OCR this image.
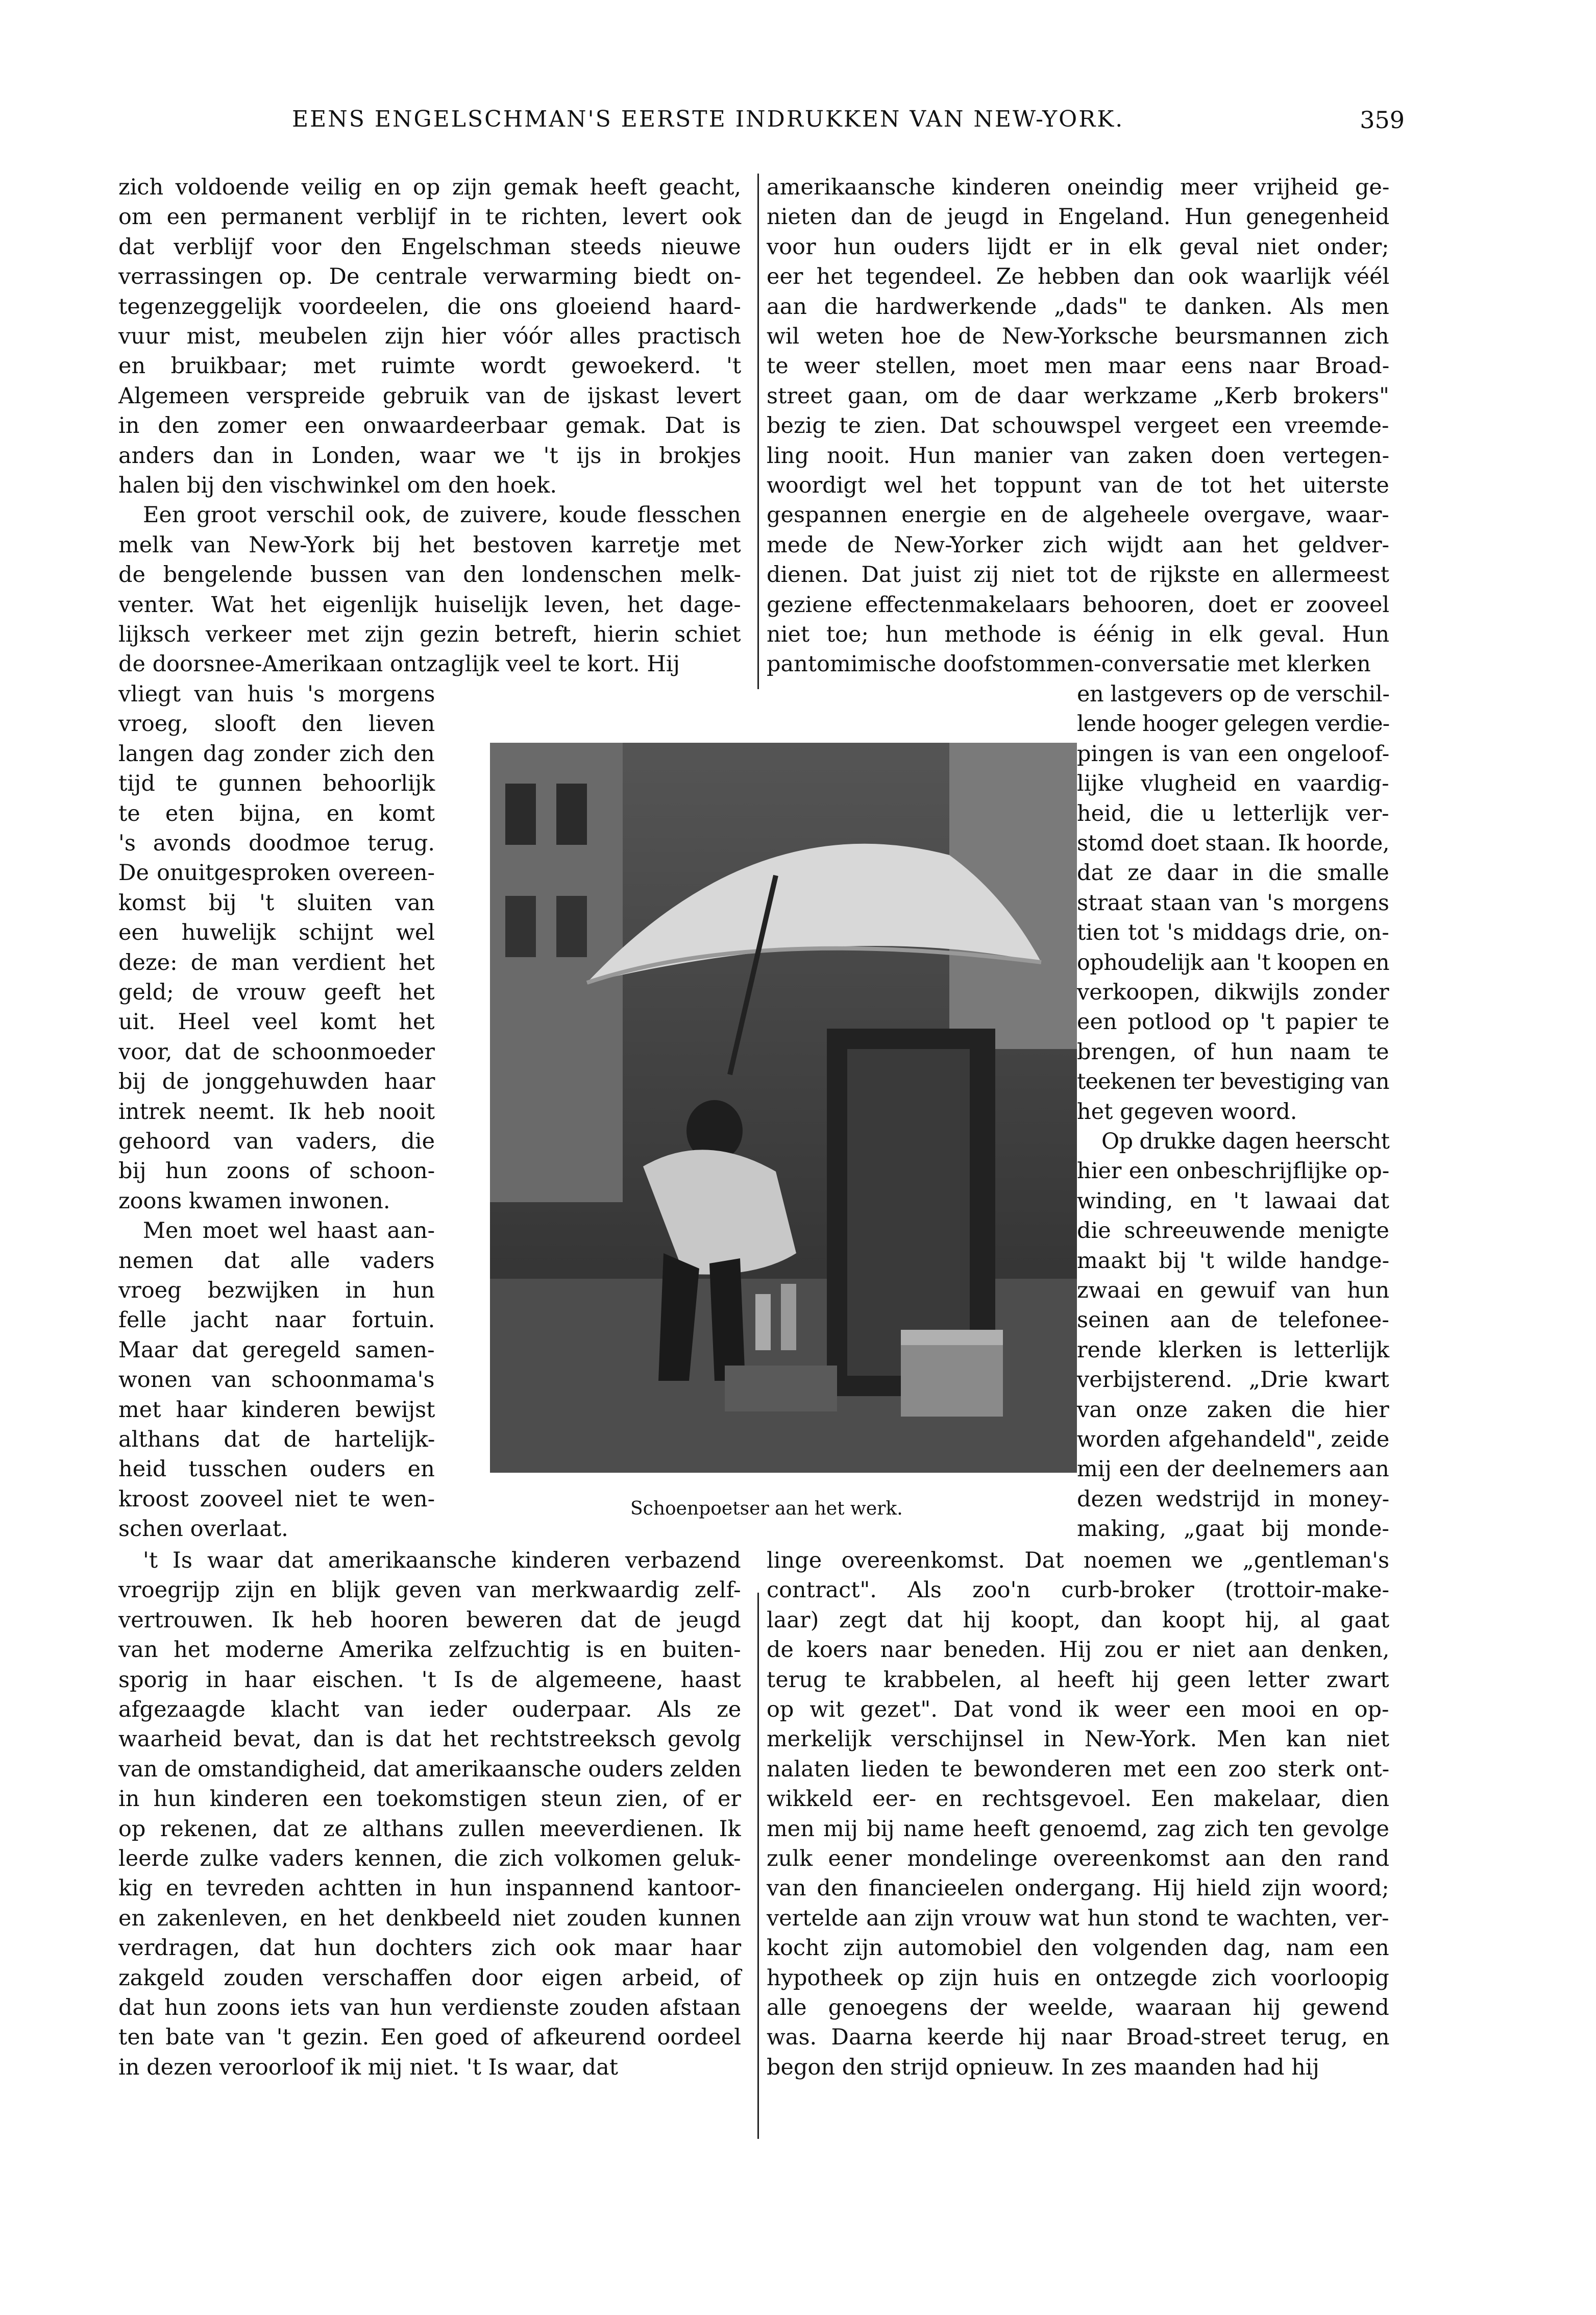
EENS ENGELSCHMAN'S EERSTE INDRUKKEN VAN NEW-YORK.	359
zich voldoende veilig en op zijn gemak heeft geacht,
om een permanent verblijf in te richten, levert ook
dat verblijf voor den Engelschman steeds nieuwe
verrassingen op. De centrale verwarming biedt on-
tegenzeggelijk voordeelen, die ons gloeiend haard-
vuur mist, meubelen zijn hier vóór alles practisch
en bruikbaar; met ruimte wordt gewoekerd. 't
Algemeen verspreide gebruik van de ijskast levert
in den zomer een onwaardeerbaar gemak. Dat is
anders dan in Londen, waar we 't ijs in brokjes
halen bij den vischwinkel om den hoek.
Een groot verschil ook, de zuivere, koude flesschen
melk van New-York bij het bestoven karretje met
de bengelende bussen van den londenschen melk-
venter. Wat het eigenlijk huiselijk leven, het dage-
lijksch verkeer met zijn gezin betreft, hierin schiet
de doorsnee-Amerikaan ontzaglijk veel te kort. Hij
vliegt van huis 's morgens
vroeg, slooft den lieven
langen dag zonder zich den
tijd te gunnen behoorlijk
te eten bijna, en komt
's avonds doodmoe terug.
De onuitgesproken overeen-
komst bij 't sluiten van
een huwelijk schijnt wel
deze: de man verdient het
geld; de vrouw geeft het
uit. Heel veel komt het
voor, dat de schoonmoeder
bij de jonggehuwden haar
intrek neemt. Ik heb nooit
gehoord van vaders, die
bij hun zoons of schoon-
zoons kwamen inwonen.
Men moet wel haast aan-
nemen dat alle vaders
vroeg bezwijken in hun
felle jacht naar fortuin.
Maar dat geregeld samen-
wonen van schoonmama's
met haar kinderen bewijst
althans dat de hartelijk-
heid tusschen ouders en
kroost zooveel niet te wen-
schen overlaat.
't Is waar dat amerikaansche kinderen verbazend
vroegrijp zijn en blijk geven van merkwaardig zelf-
vertrouwen. Ik heb hooren beweren dat de jeugd
van het moderne Amerika zelfzuchtig is en buiten-
sporig in haar eischen. 't Is de algemeene, haast
afgezaagde klacht van ieder ouderpaar. Als ze
waarheid bevat, dan is dat het rechtstreeksch gevolg
van de omstandigheid, dat amerikaansche ouders zelden
in hun kinderen een toekomstigen steun zien, of er
op rekenen, dat ze althans zullen meeverdienen. Ik
leerde zulke vaders kennen, die zich volkomen geluk-
kig en tevreden achtten in hun inspannend kantoor-
en zakenleven, en het denkbeeld niet zouden kunnen
verdragen, dat hun dochters zich ook maar haar
zakgeld zouden verschaffen door eigen arbeid, of
dat hun zoons iets van hun verdienste zouden afstaan
ten bate van 't gezin. Een goed of afkeurend oordeel
in dezen veroorloof ik mij niet. 't Is waar, dat
amerikaansche kinderen oneindig meer vrijheid ge-
nieten dan de jeugd in Engeland. Hun genegenheid
voor hun ouders lijdt er in elk geval niet onder;
eer het tegendeel. Ze hebben dan ook waarlijk véél
aan die hardwerkende „dads" te danken. Als men
wil weten hoe de New-Yorksche beursmannen zich
te weer stellen, moet men maar eens naar Broad-
street gaan, om de daar werkzame „Kerb brokers"
bezig te zien. Dat schouwspel vergeet een vreemde-
ling nooit. Hun manier van zaken doen vertegen-
woordigt wel het toppunt van de tot het uiterste
gespannen energie en de algeheele overgave, waar-
mede de New-Yorker zich wijdt aan het geldver-
dienen. Dat juist zij niet tot de rijkste en allermeest
geziene effectenmakelaars behooren, doet er zooveel
niet toe; hun methode is éénig in elk geval. Hun
pantomimische doofstommen-conversatie met klerken
en lastgevers op de verschil-
lende hooger gelegen verdie-
pingen is van een ongeloof-
lijke vlugheid en vaardig-
heid, die u letterlijk ver-
stomd doet staan. Ik hoorde,
dat ze daar in die smalle
straat staan van 's morgens
tien tot 's middags drie, on-
ophoudelijk aan 't koopen en
verkoopen, dikwijls zonder
een potlood op 't papier te
brengen, of hun naam te
teekenen ter bevestiging van
het gegeven woord.
Op drukke dagen heerscht
hier een onbeschrijflijke op-
winding, en 't lawaai dat
die schreeuwende menigte
maakt bij 't wilde handge-
zwaai en gewuif van hun
seinen aan de telefonee-
rende klerken is letterlijk
verbijsterend. „Drie kwart
van onze zaken die hier
worden afgehandeld", zeide
mij een der deelnemers aan
dezen wedstrijd in money-
making, „gaat bij monde-
linge overeenkomst. Dat noemen we „gentleman's
contract". Als zoo'n curb-broker (trottoir-make-
laar) zegt dat hij koopt, dan koopt hij, al gaat
de koers naar beneden. Hij zou er niet aan denken,
terug te krabbelen, al heeft hij geen letter zwart
op wit gezet". Dat vond ik weer een mooi en op-
merkelijk verschijnsel in New-York. Men kan niet
nalaten lieden te bewonderen met een zoo sterk ont-
wikkeld eer- en rechtsgevoel. Een makelaar, dien
men mij bij name heeft genoemd, zag zich ten gevolge
zulk eener mondelinge overeenkomst aan den rand
van den financieelen ondergang. Hij hield zijn woord;
vertelde aan zijn vrouw wat hun stond te wachten, ver-
kocht zijn automobiel den volgenden dag, nam een
hypotheek op zijn huis en ontzegde zich voorloopig
alle genoegens der weelde, waaraan hij gewend
was. Daarna keerde hij naar Broad-street terug, en
begon den strijd opnieuw. In zes maanden had hij
Schoenpoetser aan het werk.
